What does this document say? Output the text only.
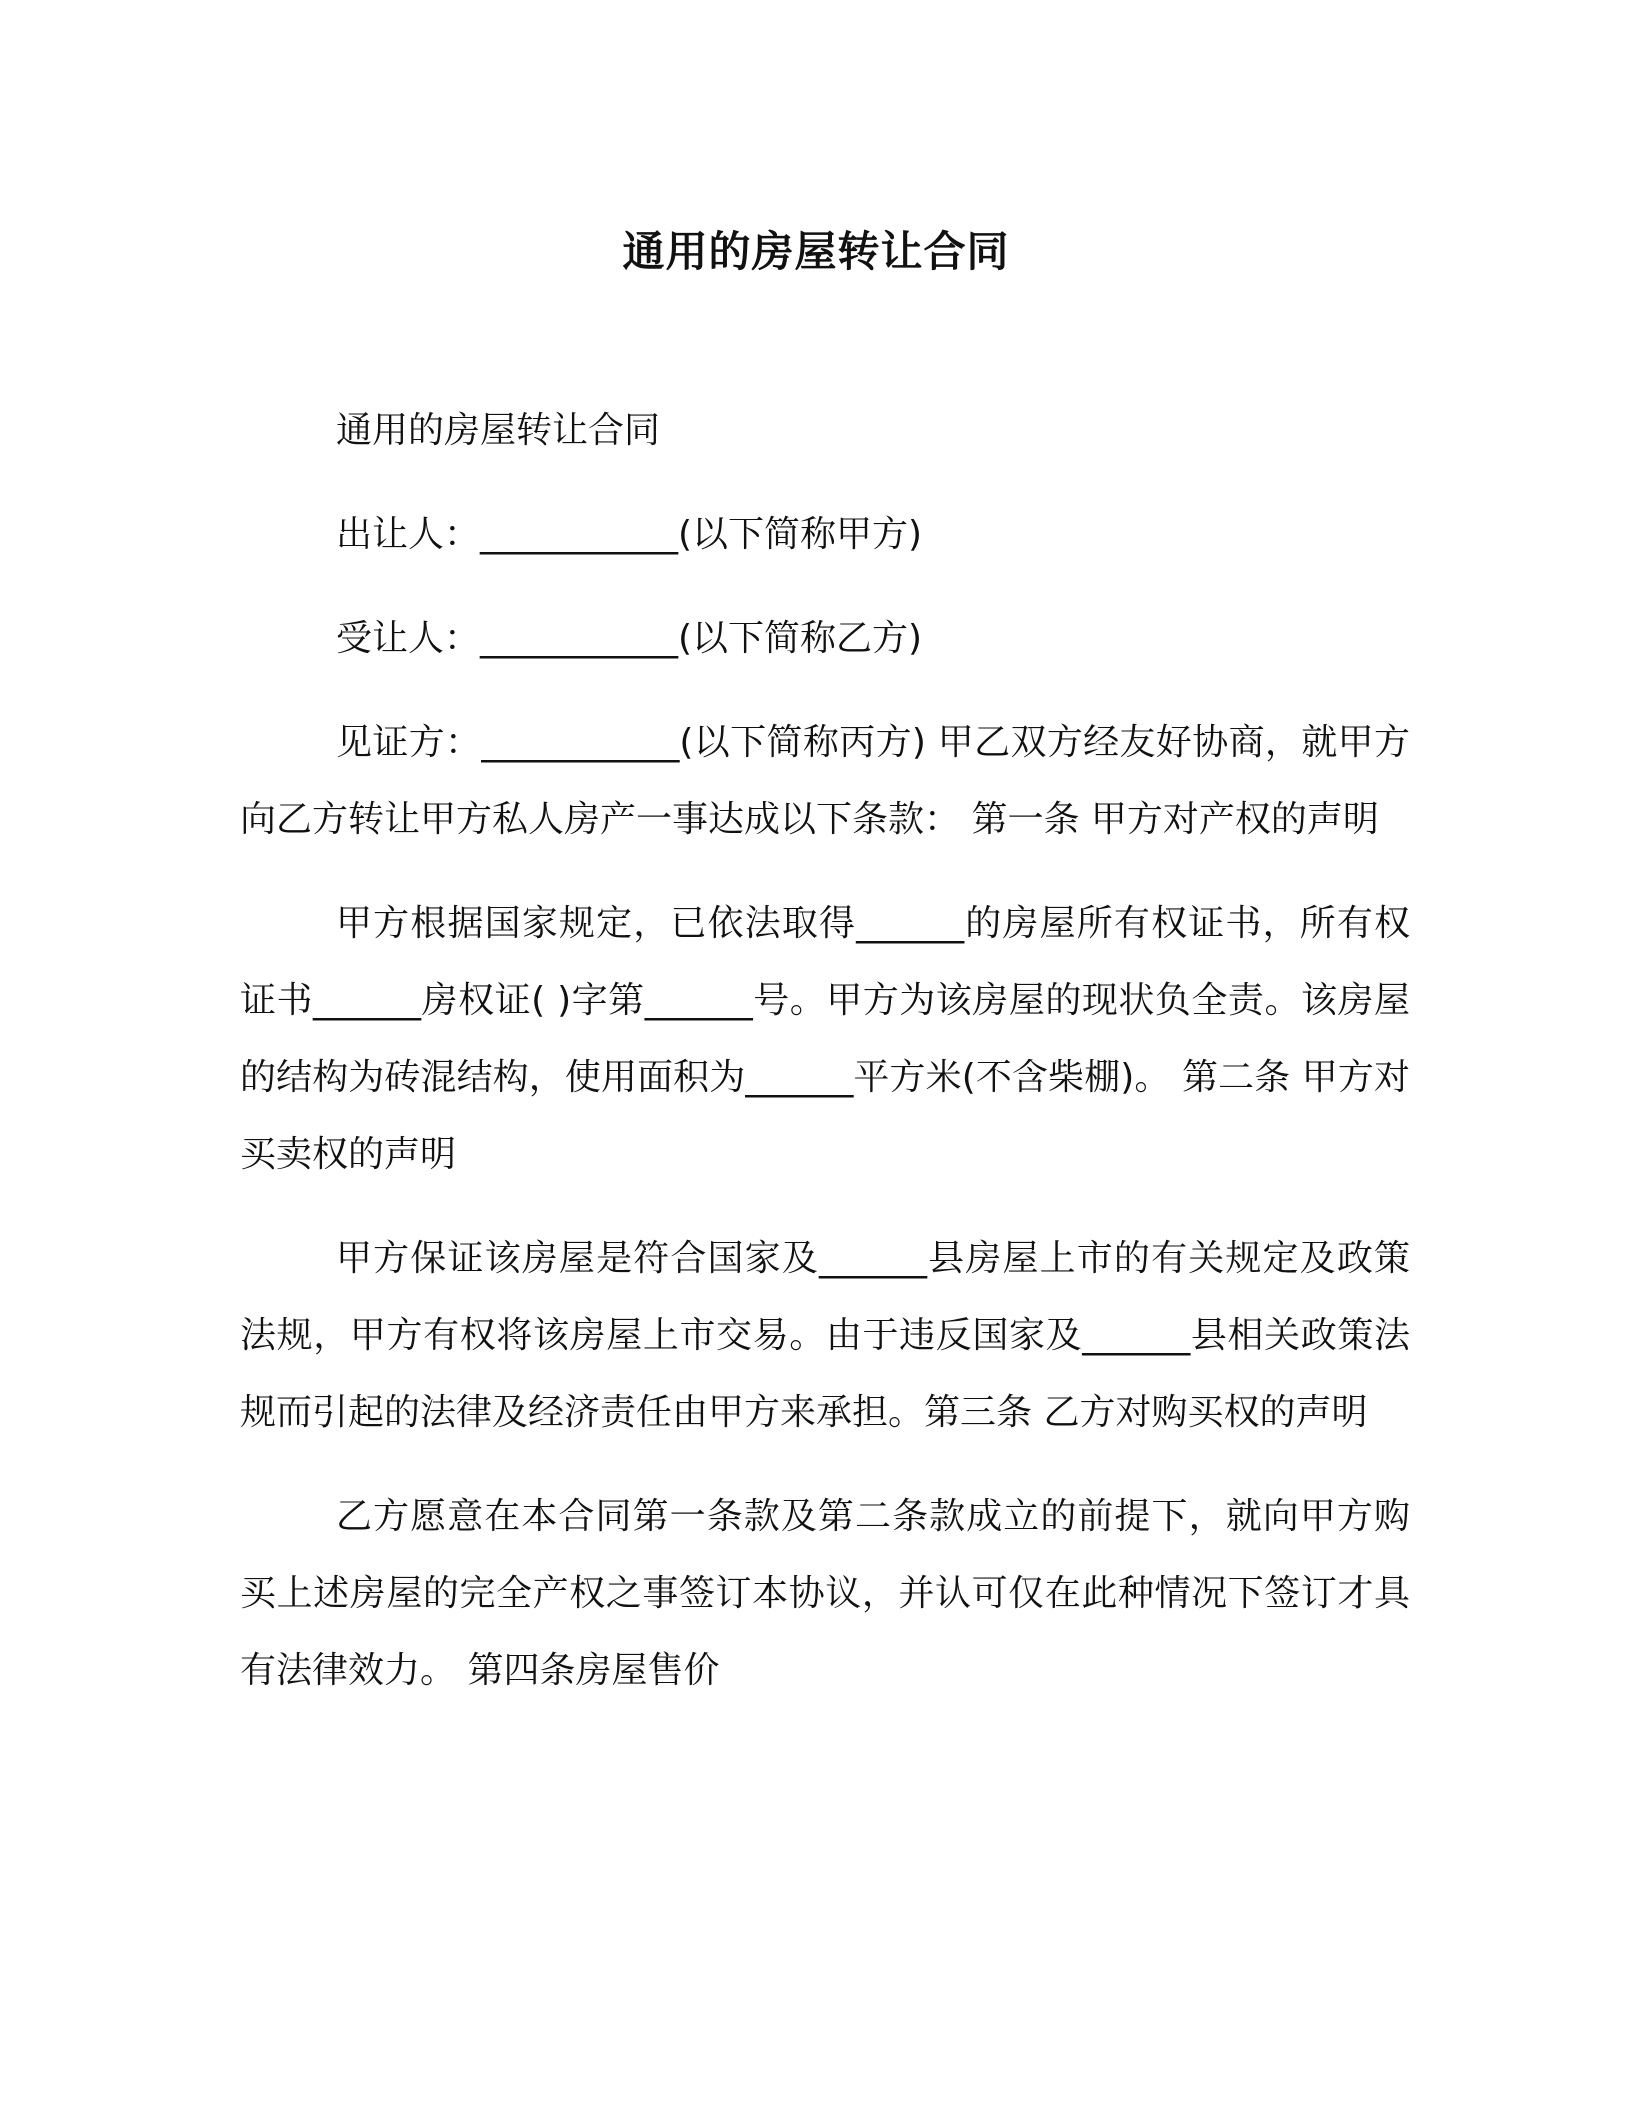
通用的房屋转让合同

通用的房屋转让合同

出让人：___________(以下简称甲方)

受让人：___________(以下简称乙方)

见证方：___________(以下简称丙方) 甲乙双方经友好协商，就甲方向乙方转让甲方私人房产一事达成以下条款： 第一条 甲方对产权的声明

甲方根据国家规定，已依法取得______的房屋所有权证书，所有权证书______房权证( )字第______号。甲方为该房屋的现状负全责。该房屋的结构为砖混结构，使用面积为______平方米(不含柴棚)。 第二条 甲方对买卖权的声明

甲方保证该房屋是符合国家及______县房屋上市的有关规定及政策法规，甲方有权将该房屋上市交易。由于违反国家及______县相关政策法规而引起的法律及经济责任由甲方来承担。第三条 乙方对购买权的声明

乙方愿意在本合同第一条款及第二条款成立的前提下，就向甲方购买上述房屋的完全产权之事签订本协议，并认可仅在此种情况下签订才具有法律效力。 第四条房屋售价
